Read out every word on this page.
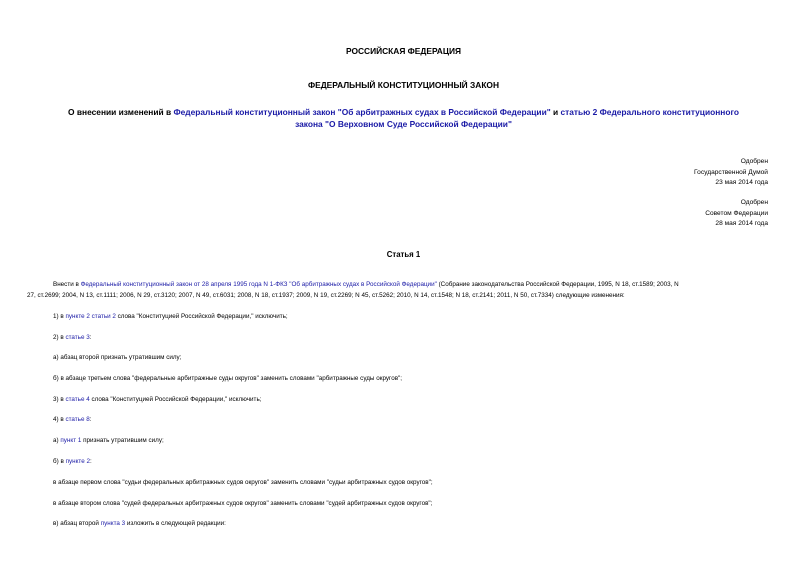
РОССИЙСКАЯ ФЕДЕРАЦИЯ
ФЕДЕРАЛЬНЫЙ КОНСТИТУЦИОННЫЙ ЗАКОН
О внесении изменений в Федеральный конституционный закон "Об арбитражных судах в Российской Федерации" и статью 2 Федерального конституционного
закона "О Верховном Суде Российской Федерации"
Одобрен
Государственной Думой
23 мая 2014 года
Одобрен
Советом Федерации
28 мая 2014 года
Статья 1
Внести в Федеральный конституционный закон от 28 апреля 1995 года N 1-ФКЗ "Об арбитражных судах в Российской Федерации" (Собрание законодательства Российской Федерации, 1995, N 18, ст.1589; 2003, N
27, ст.2699; 2004, N 13, ст.1111; 2006, N 29, ст.3120; 2007, N 49, ст.6031; 2008, N 18, ст.1937; 2009, N 19, ст.2269; N 45, ст.5262; 2010, N 14, ст.1548; N 18, ст.2141; 2011, N 50, ст.7334) следующие изменения:
1) в пункте 2 статьи 2 слова "Конституцией Российской Федерации," исключить;
2) в статье 3:
а) абзац второй признать утратившим силу;
б) в абзаце третьем слова "федеральные арбитражные суды округов" заменить словами "арбитражные суды округов";
3) в статье 4 слова "Конституцией Российской Федерации," исключить;
4) в статье 8:
а) пункт 1 признать утратившим силу;
б) в пункте 2:
в абзаце первом слова "судьи федеральных арбитражных судов округов" заменить словами "судьи арбитражных судов округов";
в абзаце втором слова "судей федеральных арбитражных судов округов" заменить словами "судей арбитражных судов округов";
в) абзац второй пункта 3 изложить в следующей редакции:
